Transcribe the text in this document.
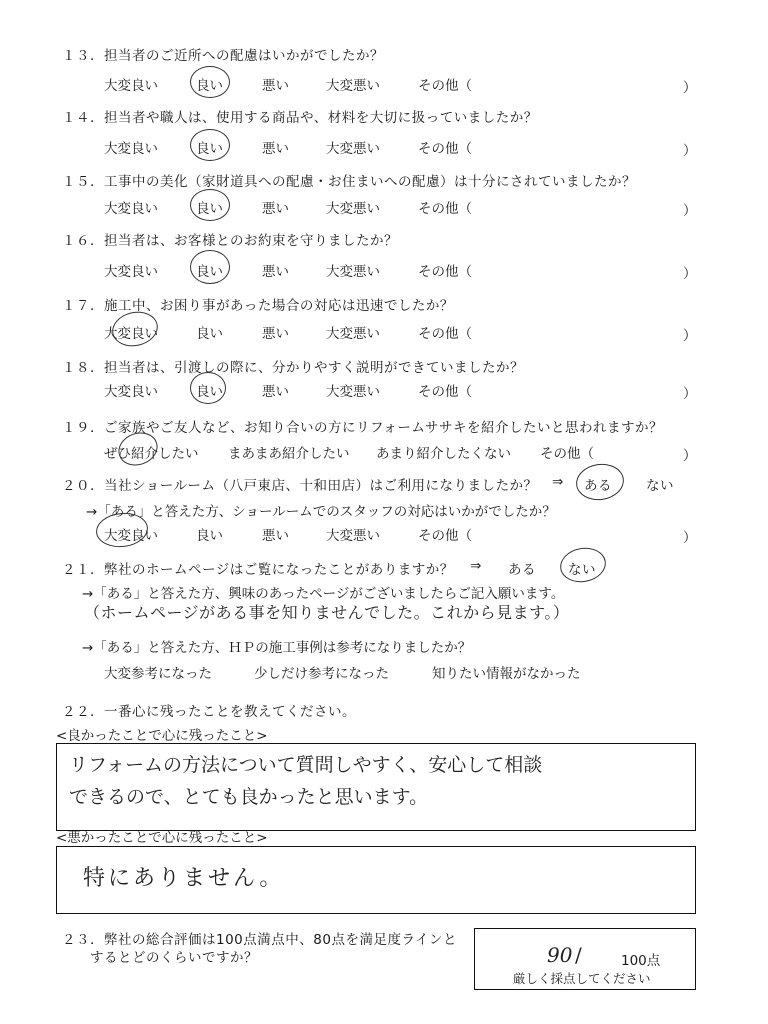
１３．担当者のご近所への配慮はいかがでしたか？
大変良い	良い	悪い	大変悪い	その他（	）
１４．担当者や職人は、使用する商品や、材料を大切に扱っていましたか？
大変良い	良い	悪い	大変悪い	その他（	）
１５．工事中の美化（家財道具への配慮・お住まいへの配慮）は十分にされていましたか？
大変良い	良い	悪い	大変悪い	その他（	）
１６．担当者は、お客様とのお約束を守りましたか？
大変良い	良い	悪い	大変悪い	その他（	）
１７．施工中、お困り事があった場合の対応は迅速でしたか？
大変良い	良い	悪い	大変悪い	その他（	）
１８．担当者は、引渡しの際に、分かりやすく説明ができていましたか？
大変良い	良い	悪い	大変悪い	その他（	）
１９．ご家族やご友人など、お知り合いの方にリフォームササキを紹介したいと思われますか？
ぜひ紹介したい まあまあ紹介したい あまり紹介したくない その他（	）
２０．当社ショールーム（八戸東店、十和田店）はご利用になりましたか？ ⇒ ある	ない
→「ある」と答えた方、ショールームでのスタッフの対応はいかがでしたか？
大変良い	良い	悪い	大変悪い	その他（	）
２１．弊社のホームページはご覧になったことがありますか？ ⇒ ある ない
→「ある」と答えた方、興味のあったページがございましたらご記入願います。
（ホームページがある事を知りませんでした。これから見ます。）
→「ある」と答えた方、ＨＰの施工事例は参考になりましたか？
大変参考になった	少しだけ参考になった	知りたい情報がなかった
２２．一番心に残ったことを教えてください。
<良かったことで心に残ったこと>
リフォームの方法について質問しやすく、安心して相談
できるので、とても良かったと思います。
<悪かったことで心に残ったこと>
特にありません。
２３．弊社の総合評価は100点満点中、80点を満足度ラインと
するとどのくらいですか？	90 /	100点
厳しく採点してください
